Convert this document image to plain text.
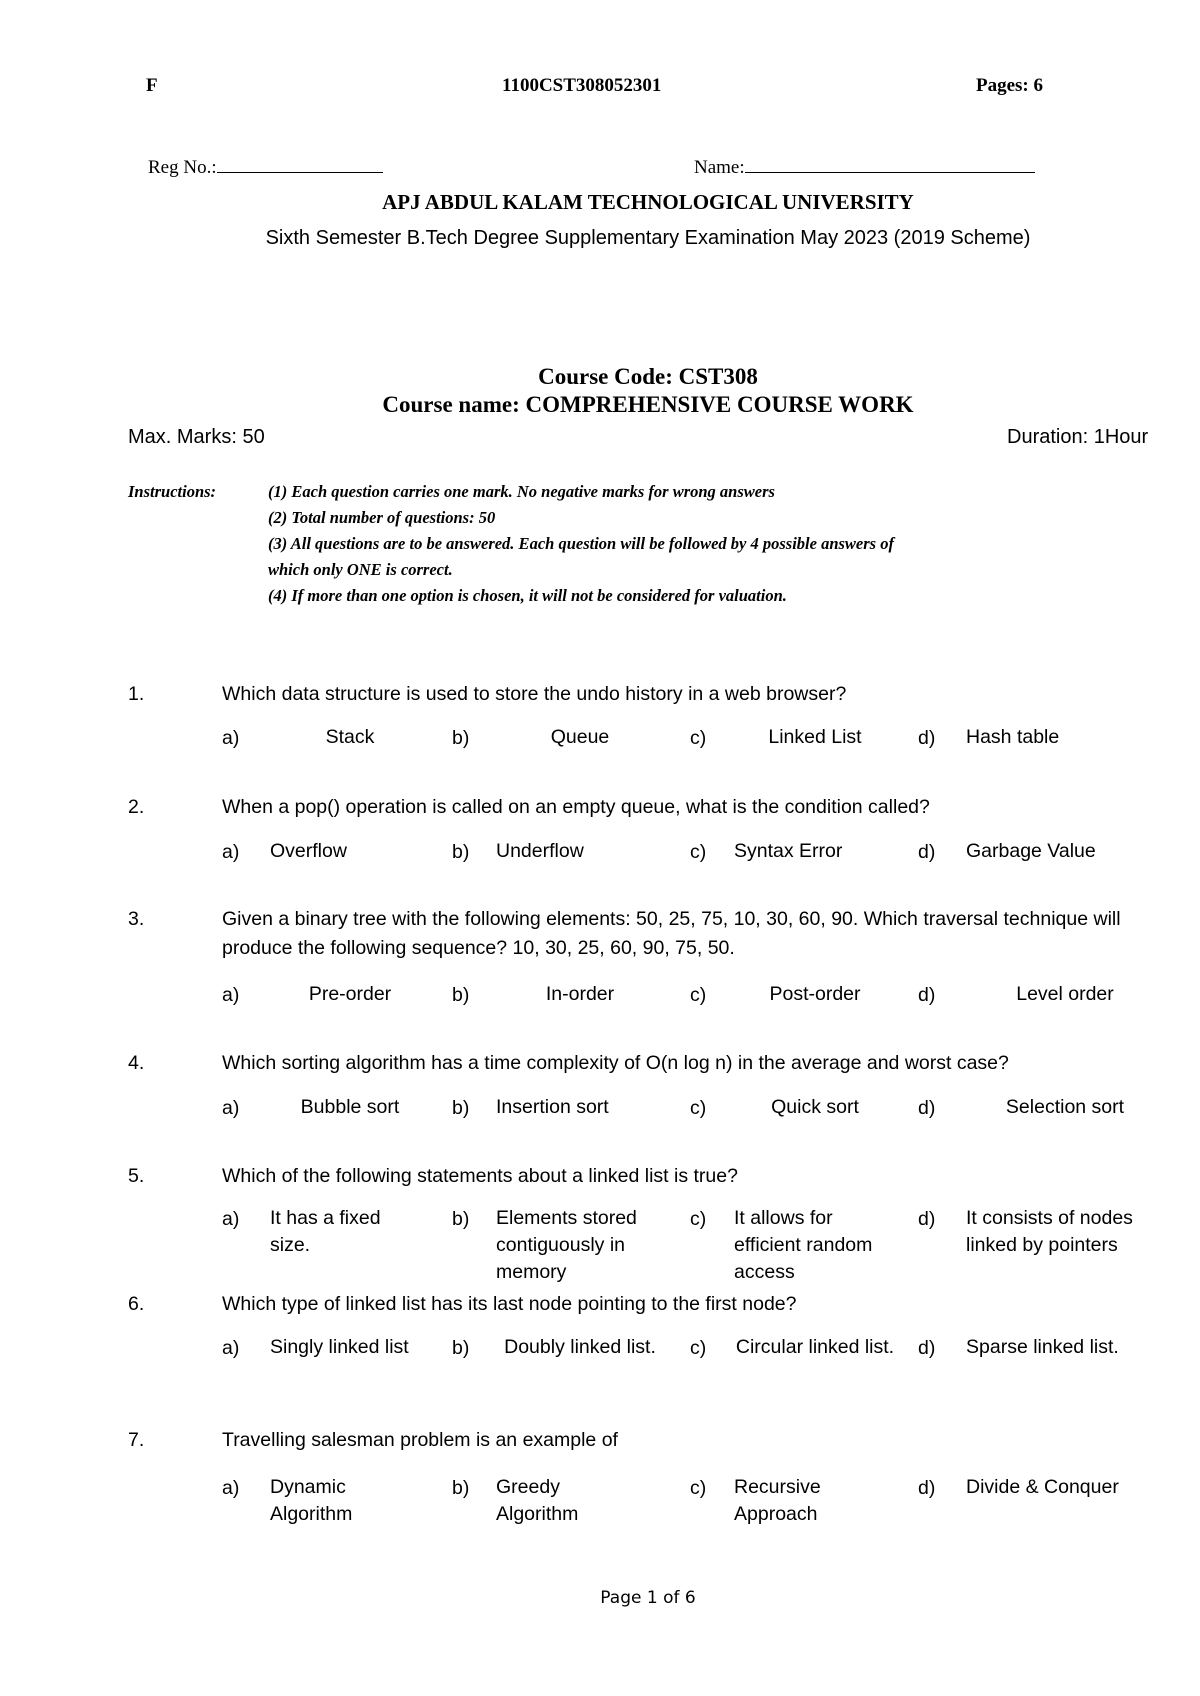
F	1100CST308052301	Pages: 6
Reg No.:	Name:
APJ ABDUL KALAM TECHNOLOGICAL UNIVERSITY
Sixth Semester B.Tech Degree Supplementary Examination May 2023 (2019 Scheme)
Course Code: CST308
Course name: COMPREHENSIVE COURSE WORK
Max. Marks: 50	Duration: 1Hour
Instructions:	(1) Each question carries one mark. No negative marks for wrong answers
(2) Total number of questions: 50
(3) All questions are to be answered. Each question will be followed by 4 possible answers of
which only ONE is correct.
(4) If more than one option is chosen, it will not be considered for valuation.
1.	Which data structure is used to store the undo history in a web browser?
a)	Stack	b)	Queue	c)	Linked List	d) Hash table
2.	When a pop() operation is called on an empty queue, what is the condition called?
a) Overflow	b) Underflow	c) Syntax Error	d) Garbage Value
3.	Given a binary tree with the following elements: 50, 25, 75, 10, 30, 60, 90. Which traversal technique will produce the following sequence? 10, 30, 25, 60, 90, 75, 50.
a)	Pre-order	b)	In-order	c)	Post-order	d)	Level order
4.	Which sorting algorithm has a time complexity of O(n log n) in the average and worst case?
a)	Bubble sort	b) Insertion sort	c)	Quick sort	d)	Selection sort
5.	Which of the following statements about a linked list is true?
a) It has a fixed size.
b) Elements stored contiguously in memory
c) It allows for efficient random access
d) It consists of nodes linked by pointers
6.	Which type of linked list has its last node pointing to the first node?
a) Singly linked list	b) Doubly linked list. c) Circular linked list. d) Sparse linked list.
7.	Travelling salesman problem is an example of
a) Dynamic Algorithm
b) Greedy Algorithm
c) Recursive Approach
d) Divide & Conquer
Page 1 of 6
